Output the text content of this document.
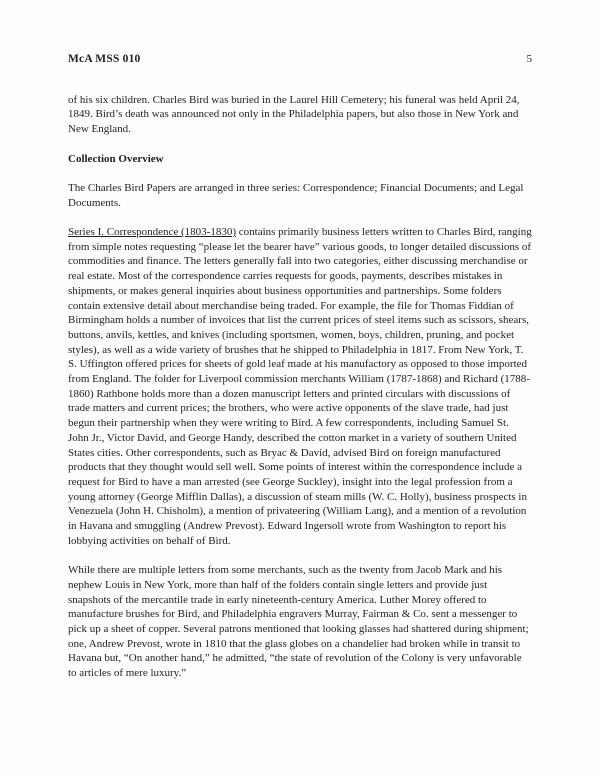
McA MSS 010	5

of his six children. Charles Bird was buried in the Laurel Hill Cemetery; his funeral was held April 24, 1849. Bird’s death was announced not only in the Philadelphia papers, but also those in New York and New England.

Collection Overview

The Charles Bird Papers are arranged in three series: Correspondence; Financial Documents; and Legal Documents.

Series I. Correspondence (1803-1830) contains primarily business letters written to Charles Bird, ranging from simple notes requesting “please let the bearer have” various goods, to longer detailed discussions of commodities and finance. The letters generally fall into two categories, either discussing merchandise or real estate. Most of the correspondence carries requests for goods, payments, describes mistakes in shipments, or makes general inquiries about business opportunities and partnerships. Some folders contain extensive detail about merchandise being traded. For example, the file for Thomas Fiddian of Birmingham holds a number of invoices that list the current prices of steel items such as scissors, shears, buttons, anvils, kettles, and knives (including sportsmen, women, boys, children, pruning, and pocket styles), as well as a wide variety of brushes that he shipped to Philadelphia in 1817. From New York, T. S. Uffington offered prices for sheets of gold leaf made at his manufactory as opposed to those imported from England. The folder for Liverpool commission merchants William (1787-1868) and Richard (1788-1860) Rathbone holds more than a dozen manuscript letters and printed circulars with discussions of trade matters and current prices; the brothers, who were active opponents of the slave trade, had just begun their partnership when they were writing to Bird. A few correspondents, including Samuel St. John Jr., Victor David, and George Handy, described the cotton market in a variety of southern United States cities. Other correspondents, such as Bryac & David, advised Bird on foreign manufactured products that they thought would sell well. Some points of interest within the correspondence include a request for Bird to have a man arrested (see George Suckley), insight into the legal profession from a young attorney (George Mifflin Dallas), a discussion of steam mills (W. C. Holly), business prospects in Venezuela (John H. Chisholm), a mention of privateering (William Lang), and a mention of a revolution in Havana and smuggling (Andrew Prevost). Edward Ingersoll wrote from Washington to report his lobbying activities on behalf of Bird.

While there are multiple letters from some merchants, such as the twenty from Jacob Mark and his nephew Louis in New York, more than half of the folders contain single letters and provide just snapshots of the mercantile trade in early nineteenth-century America. Luther Morey offered to manufacture brushes for Bird, and Philadelphia engravers Murray, Fairman & Co. sent a messenger to pick up a sheet of copper. Several patrons mentioned that looking glasses had shattered during shipment; one, Andrew Prevost, wrote in 1810 that the glass globes on a chandelier had broken while in transit to Havana but, “On another hand,” he admitted, “the state of revolution of the Colony is very unfavorable to articles of mere luxury.”
